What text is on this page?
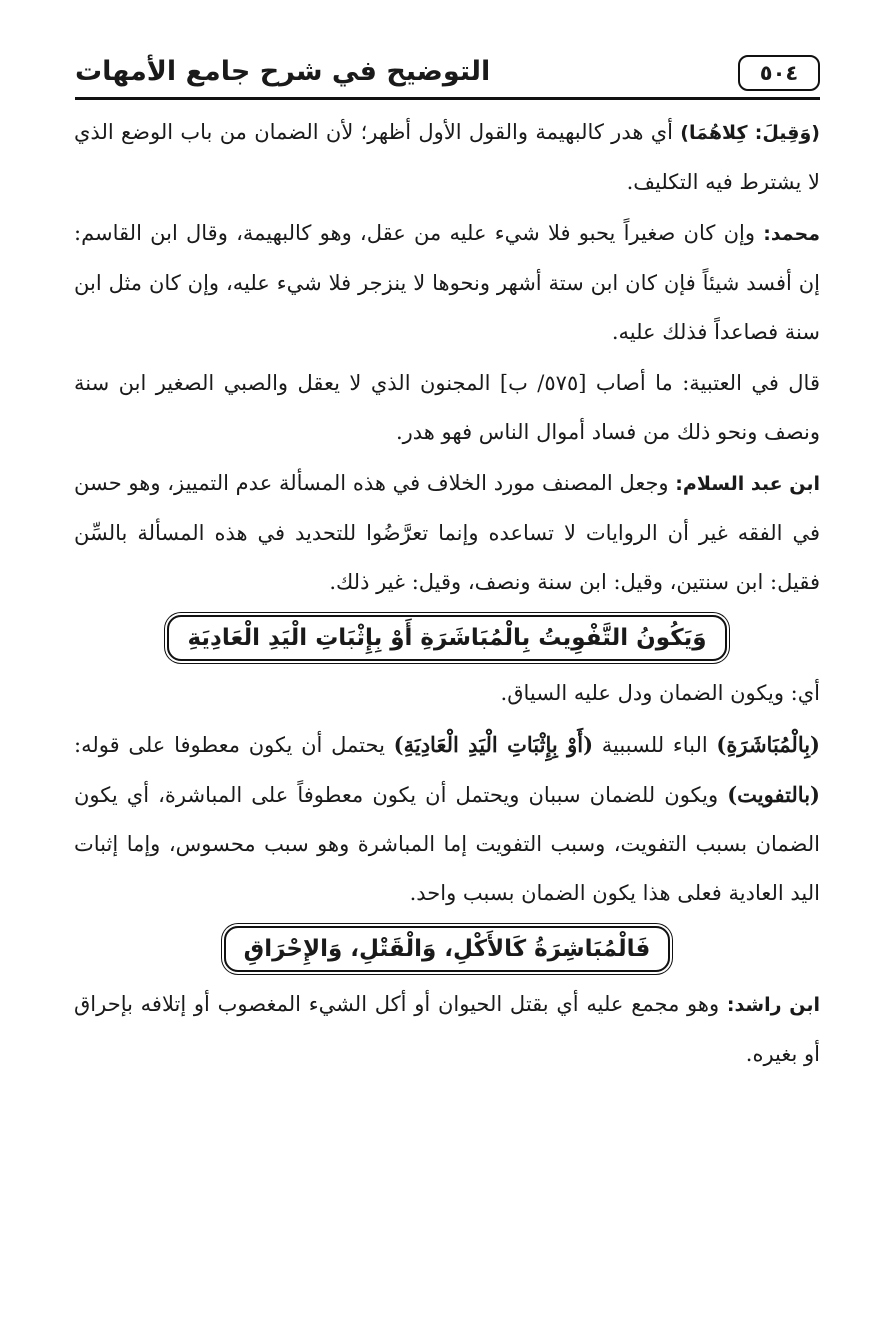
التوضيح في شرح جامع الأمهات	٥٠٤

(وَقِيلَ: كِلاهُمَا) أي هدر كالبهيمة والقول الأول أظهر؛ لأن الضمان من باب الوضع الذي لا يشترط فيه التكليف.

محمد: وإن كان صغيراً يحبو فلا شيء عليه من عقل، وهو كالبهيمة، وقال ابن القاسم: إن أفسد شيئاً فإن كان ابن ستة أشهر ونحوها لا ينزجر فلا شيء عليه، وإن كان مثل ابن سنة فصاعداً فذلك عليه.

قال في العتبية: ما أصاب [٥٧٥/ ب] المجنون الذي لا يعقل والصبي الصغير ابن سنة ونصف ونحو ذلك من فساد أموال الناس فهو هدر.

ابن عبد السلام: وجعل المصنف مورد الخلاف في هذه المسألة عدم التمييز، وهو حسن في الفقه غير أن الروايات لا تساعده وإنما تعرَّضُوا للتحديد في هذه المسألة بالسِّن فقيل: ابن سنتين، وقيل: ابن سنة ونصف، وقيل: غير ذلك.

وَيَكُونُ التَّفْوِيتُ بِالْمُبَاشَرَةِ أَوْ بِإِثْبَاتِ الْيَدِ الْعَادِيَةِ

أي: ويكون الضمان ودل عليه السياق.

(بِالْمُبَاشَرَةِ) الباء للسببية (أَوْ بِإِثْبَاتِ الْيَدِ الْعَادِيَةِ) يحتمل أن يكون معطوفا على قوله: (بالتفويت) ويكون للضمان سببان ويحتمل أن يكون معطوفاً على المباشرة، أي يكون الضمان بسبب التفويت، وسبب التفويت إما المباشرة وهو سبب محسوس، وإما إثبات اليد العادية فعلى هذا يكون الضمان بسبب واحد.

فَالْمُبَاشِرَةُ كَالأَكْلِ، وَالْقَتْلِ، وَالإِحْرَاقِ

ابن راشد: وهو مجمع عليه أي بقتل الحيوان أو أكل الشيء المغصوب أو إتلافه بإحراق أو بغيره.
